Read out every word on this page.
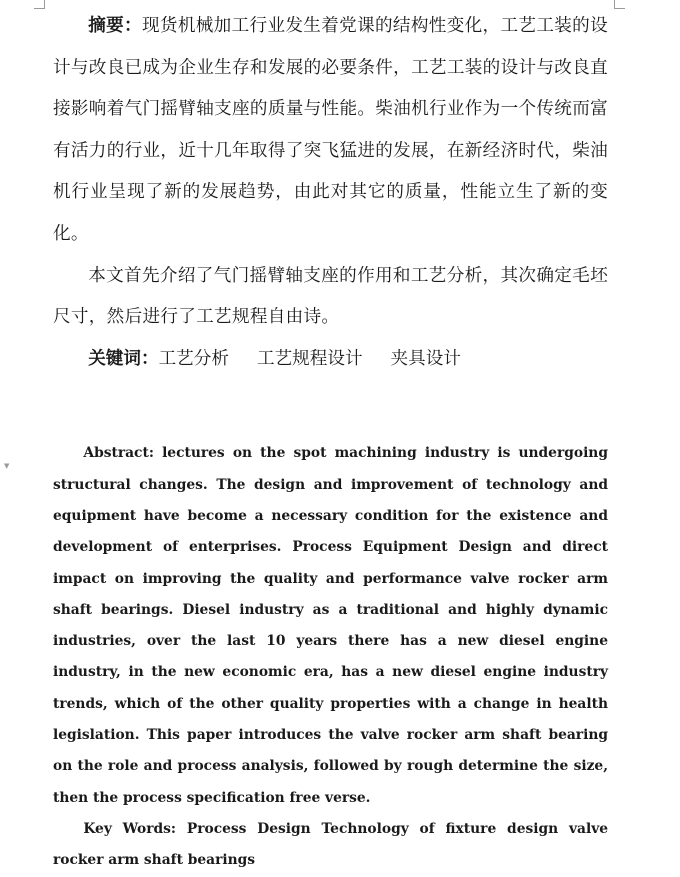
▼

摘要：现货机械加工行业发生着党课的结构性变化，工艺工装的设计与改良已成为企业生存和发展的必要条件，工艺工装的设计与改良直接影响着气门摇臂轴支座的质量与性能。柴油机行业作为一个传统而富有活力的行业，近十几年取得了突飞猛进的发展，在新经济时代，柴油机行业呈现了新的发展趋势，由此对其它的质量，性能立生了新的变化。

本文首先介绍了气门摇臂轴支座的作用和工艺分析，其次确定毛坯尺寸，然后进行了工艺规程自由诗。

关键词：工艺分析 工艺规程设计 夹具设计

Abstract: lectures on the spot machining industry is undergoing structural changes. The design and improvement of technology and equipment have become a necessary condition for the existence and development of enterprises. Process Equipment Design and direct impact on improving the quality and performance valve rocker arm shaft bearings. Diesel industry as a traditional and highly dynamic industries, over the last 10 years there has a new diesel engine industry, in the new economic era, has a new diesel engine industry trends, which of the other quality properties with a change in health legislation. This paper introduces the valve rocker arm shaft bearing on the role and process analysis, followed by rough determine the size, then the process specification free verse.

Key Words: Process Design Technology of fixture design valve rocker arm shaft bearings
